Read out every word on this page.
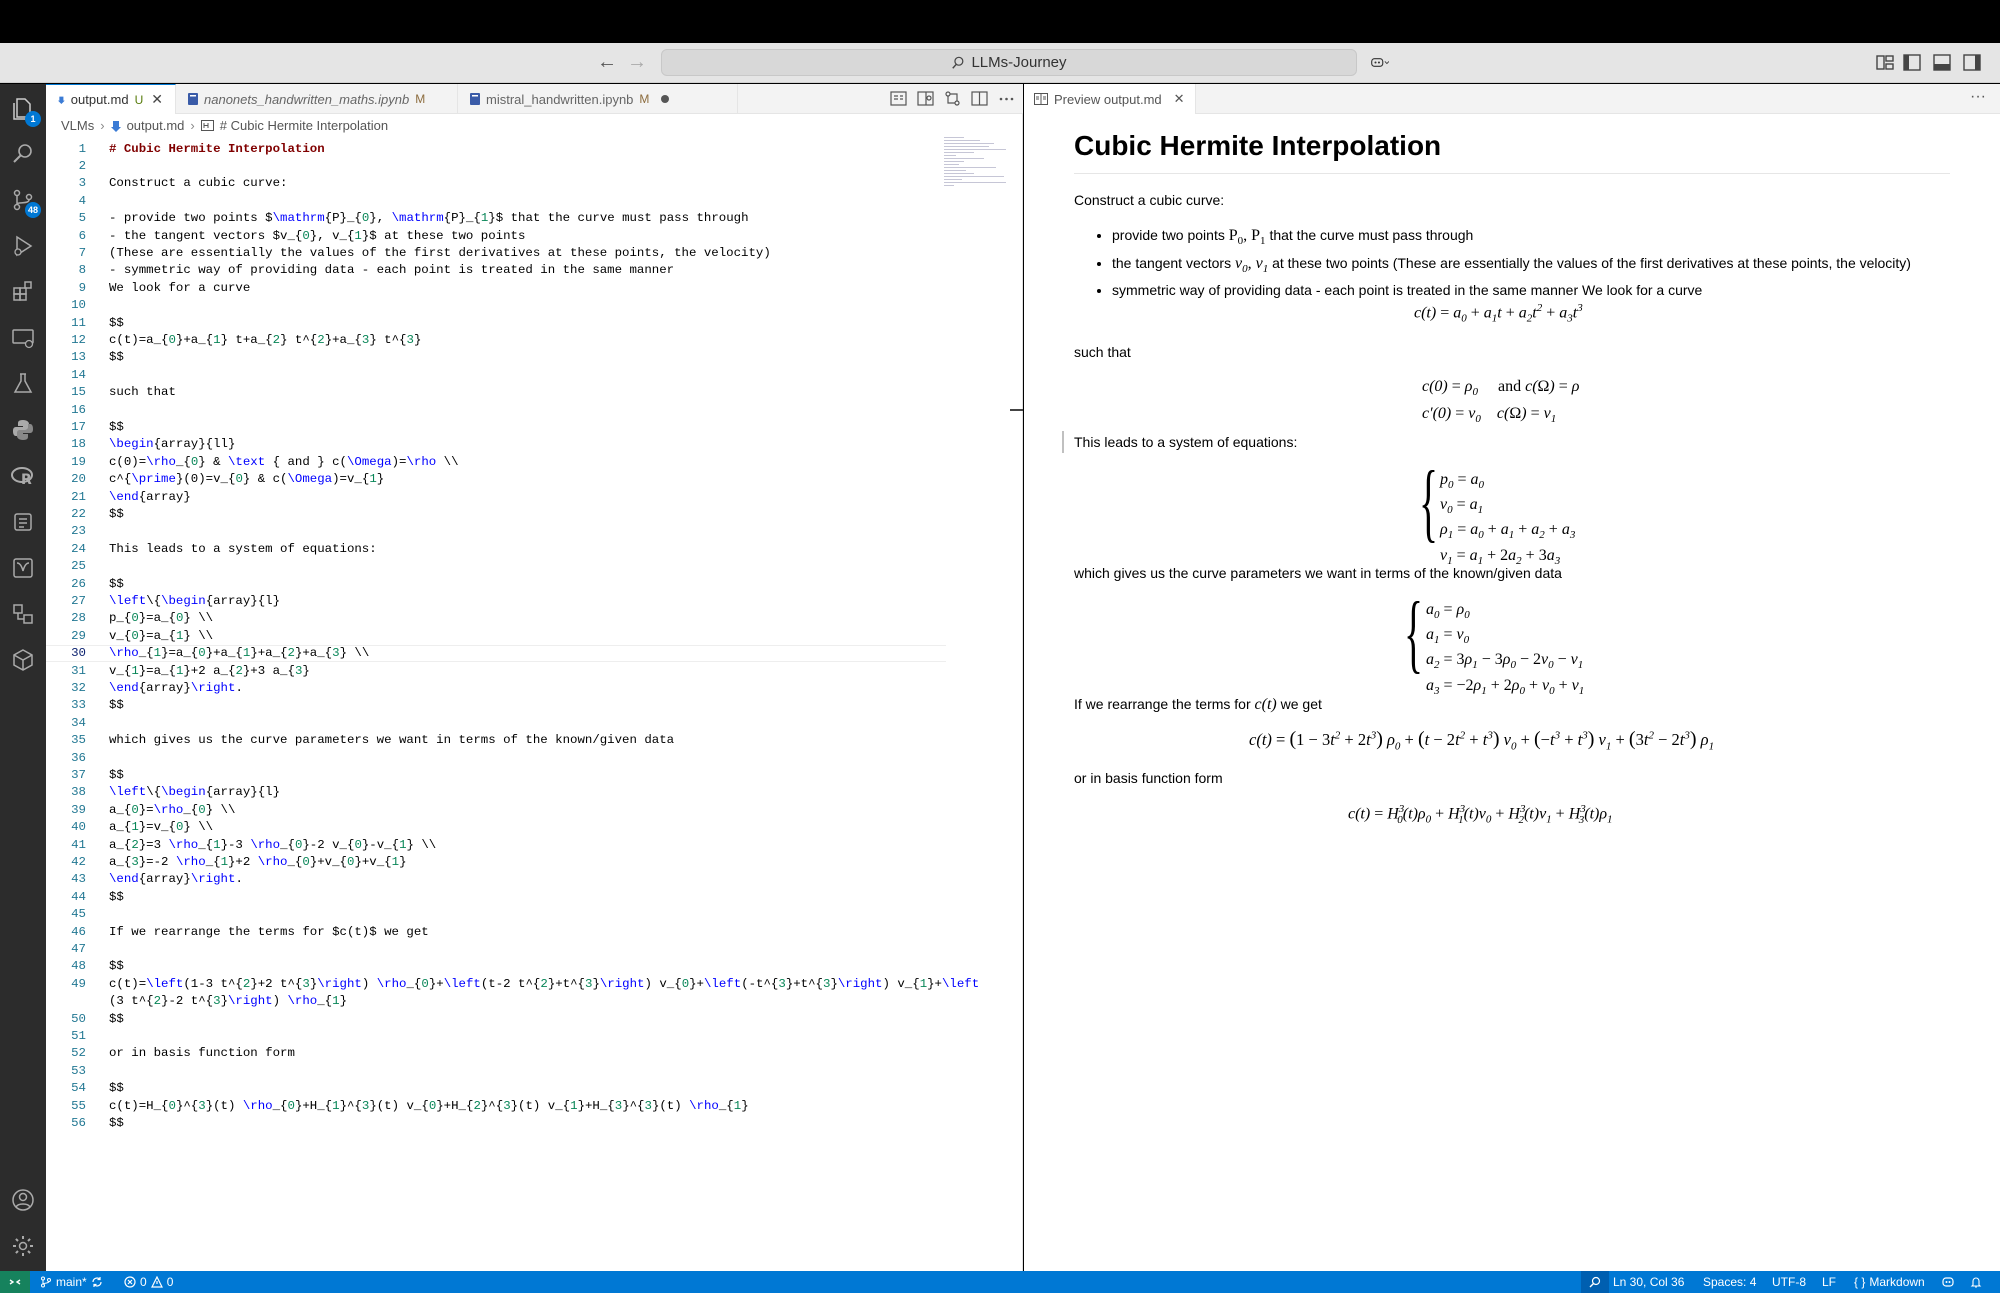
← →	LLMs-Journey
1
48
R
output.md U ✕	nanonets_handwritten_maths.ipynb M	mistral_handwritten.ipynb M
VLMs › output.md › # Cubic Hermite Interpolation
1 # Cubic Hermite Interpolation
2
3 Construct a cubic curve:
4
5 - provide two points $\mathrm{P}_{0}, \mathrm{P}_{1}$ that the curve must pass through
6 - the tangent vectors $v_{0}, v_{1}$ at these two points
7 (These are essentially the values of the first derivatives at these points, the velocity)
8 - symmetric way of providing data - each point is treated in the same manner
9 We look for a curve
10
11 $$
12 c(t)=a_{0}+a_{1} t+a_{2} t^{2}+a_{3} t^{3}
13 $$
14
15 such that
16
17 $$
18 \begin{array}{ll}
19 c(0)=\rho_{0} & \text { and } c(\Omega)=\rho \\
20 c^{\prime}(0)=v_{0} & c(\Omega)=v_{1}
21 \end{array}
22 $$
23
24 This leads to a system of equations:
25
26 $$
27 \left\{\begin{array}{l}
28 p_{0}=a_{0} \\
29 v_{0}=a_{1} \\
30 \rho_{1}=a_{0}+a_{1}+a_{2}+a_{3} \\
31 v_{1}=a_{1}+2 a_{2}+3 a_{3}
32 \end{array}\right.
33 $$
34
35 which gives us the curve parameters we want in terms of the known/given data
36
37 $$
38 \left\{\begin{array}{l}
39 a_{0}=\rho_{0} \\
40 a_{1}=v_{0} \\
41 a_{2}=3 \rho_{1}-3 \rho_{0}-2 v_{0}-v_{1} \\
42 a_{3}=-2 \rho_{1}+2 \rho_{0}+v_{0}+v_{1}
43 \end{array}\right.
44 $$
45
46 If we rearrange the terms for $c(t)$ we get
47
48 $$
49 c(t)=\left(1-3 t^{2}+2 t^{3}\right) \rho_{0}+\left(t-2 t^{2}+t^{3}\right) v_{0}+\left(-t^{3}+t^{3}\right) v_{1}+\left
(3 t^{2}-2 t^{3}\right) \rho_{1}
50 $$
51
52 or in basis function form
53
54 $$
55 c(t)=H_{0}^{3}(t) \rho_{0}+H_{1}^{3}(t) v_{0}+H_{2}^{3}(t) v_{1}+H_{3}^{3}(t) \rho_{1}
56 $$
Preview output.md ✕	···
Cubic Hermite Interpolation
Construct a cubic curve:
• provide two points $P_0$, $P_1$ that the curve must pass through
• the tangent vectors $v_0$, $v_1$ at these two points (These are essentially the values of the first derivatives at these points, the velocity)
• symmetric way of providing data - each point is treated in the same manner We look for a curve
$c(t) = a_0 + a_1t + a_2t^2 + a_3t^3$
such that
$c(0) = \rho_0$ and c(Ω) = ρ
$c'(0) = v_0$    $c(\Omega) = v_1$
This leads to a system of equations:
{ $p_0 = a_0$
$v_0 = a_1$
$\rho_1 = a_0 + a_1 + a_2 + a_3$
$v_1 = a_1 + 2a_2 + 3a_3$
which gives us the curve parameters we want in terms of the known/given data
{ $a_0 = \rho_0$
$a_1 = v_0$
$a_2 = 3\rho_1 - 3\rho_0 - 2v_0 - v_1$
$a_3 = -2\rho_1 + 2\rho_0 + v_0 + v_1$
If we rearrange the terms for c(t) we get
$c(t) = (1 - 3t^2 + 2t^3)$ $\rho_0 + (t - 2t^2 + t^3) v_0 + (-t^3 + t^3) v_1 + (3t^2 - 2t^3)$ $\rho_1$
or in basis function form
$c(t) = H^3_0(t)\rho_0 + H^3_1(t)v_0 + H^3_2(t)v_1 + H^3_3(t)\rho_1$
main*	0 0	Ln 30, Col 36 Spaces: 4 UTF-8 LF { } Markdown
